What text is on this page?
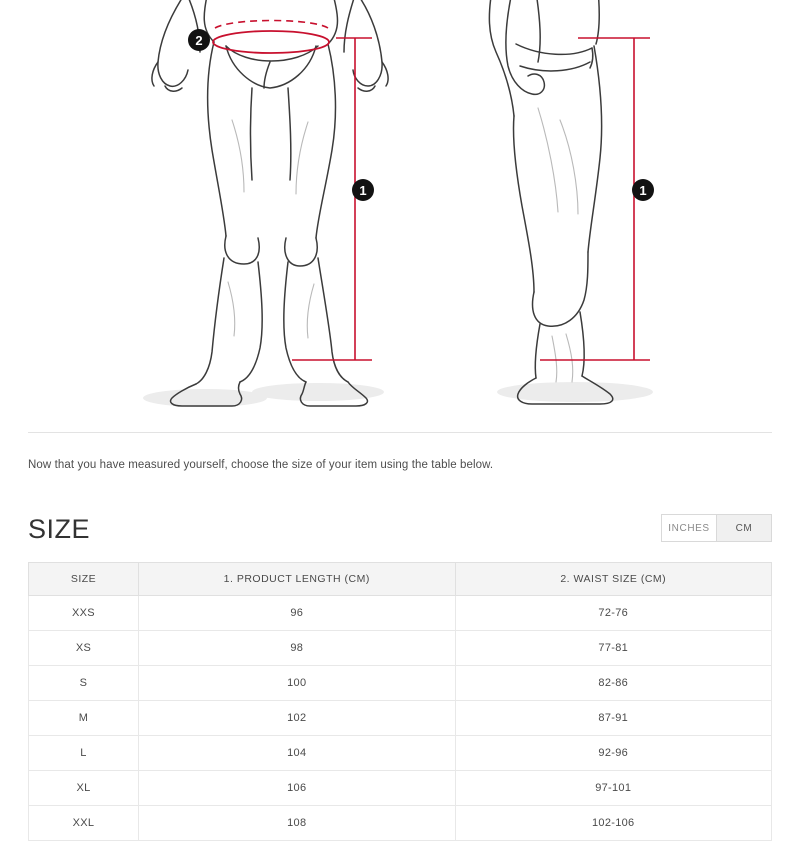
2
1	1

Now that you have measured yourself, choose the size of your item using the table below.

SIZE	INCHES	CM
SIZE	1. PRODUCT LENGTH (CM)	2. WAIST SIZE (CM)
XXS	96	72-76
XS	98	77-81
S	100	82-86
M	102	87-91
L	104	92-96
XL	106	97-101
XXL	108	102-106
